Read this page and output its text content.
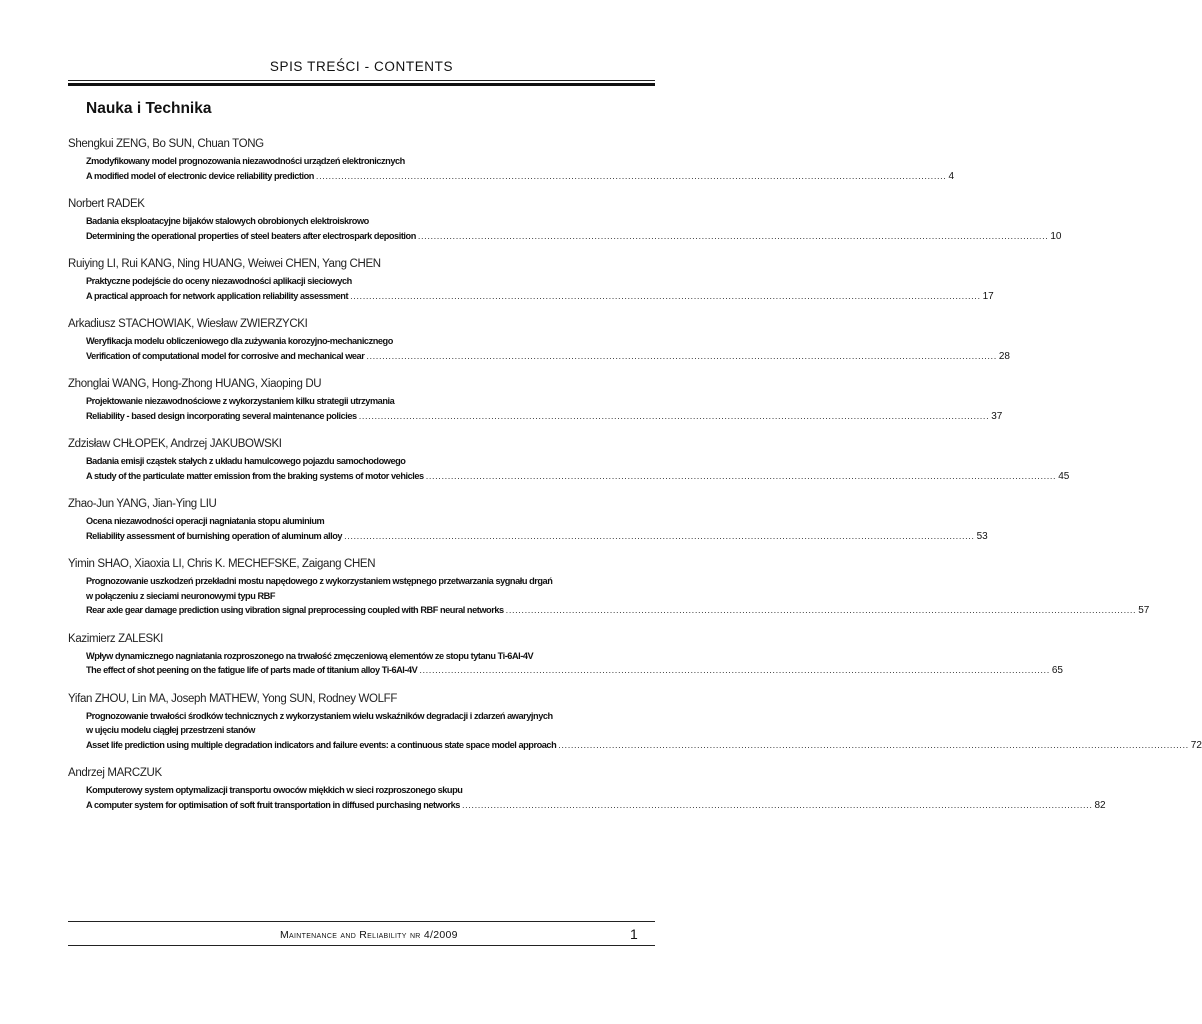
SPIS TREŚCI - CONTENTS
Nauka i Technika
Shengkui ZENG, Bo SUN, Chuan TONG
Zmodyfikowany model prognozowania niezawodności urządzeń elektronicznych
A modified model of electronic device reliability prediction ........................................................................................................................................................................................................ 4
Norbert RADEK
Badania eksploatacyjne bijaków stalowych obrobionych elektroiskrowo
Determining the operational properties of steel beaters after electrospark deposition ........................................................................................................................................................................................................ 10
Ruiying LI, Rui KANG, Ning HUANG, Weiwei CHEN, Yang CHEN
Praktyczne podejście do oceny niezawodności aplikacji sieciowych
A practical approach for network application reliability assessment ........................................................................................................................................................................................................ 17
Arkadiusz STACHOWIAK, Wiesław ZWIERZYCKI
Weryfikacja modelu obliczeniowego dla zużywania korozyjno-mechanicznego
Verification of computational model for corrosive and mechanical wear ........................................................................................................................................................................................................ 28
Zhonglai WANG, Hong-Zhong HUANG, Xiaoping DU
Projektowanie niezawodnościowe z wykorzystaniem kilku strategii utrzymania
Reliability - based design incorporating several maintenance policies ........................................................................................................................................................................................................ 37
Zdzisław CHŁOPEK, Andrzej JAKUBOWSKI
Badania emisji cząstek stałych z układu hamulcowego pojazdu samochodowego
A study of the particulate matter emission from the braking systems of motor vehicles ........................................................................................................................................................................................................ 45
Zhao-Jun YANG, Jian-Ying LIU
Ocena niezawodności operacji nagniatania stopu aluminium
Reliability assessment of burnishing operation of aluminum alloy ........................................................................................................................................................................................................ 53
Yimin SHAO, Xiaoxia LI, Chris K. MECHEFSKE, Zaigang CHEN
Prognozowanie uszkodzeń przekładni mostu napędowego z wykorzystaniem wstępnego przetwarzania sygnału drgań
w połączeniu z sieciami neuronowymi typu RBF
Rear axle gear damage prediction using vibration signal preprocessing coupled with RBF neural networks ........................................................................................................................................................................................................ 57
Kazimierz ZALESKI
Wpływ dynamicznego nagniatania rozproszonego na trwałość zmęczeniową elementów ze stopu tytanu Ti-6Al-4V
The effect of shot peening on the fatigue life of parts made of titanium alloy Ti-6Al-4V ........................................................................................................................................................................................................ 65
Yifan ZHOU, Lin MA, Joseph MATHEW, Yong SUN, Rodney WOLFF
Prognozowanie trwałości środków technicznych z wykorzystaniem wielu wskaźników degradacji i zdarzeń awaryjnych
w ujęciu modelu ciągłej przestrzeni stanów
Asset life prediction using multiple degradation indicators and failure events: a continuous state space model approach ........................................................................................................................................................................................................ 72
Andrzej MARCZUK
Komputerowy system optymalizacji transportu owoców miękkich w sieci rozproszonego skupu
A computer system for optimisation of soft fruit transportation in diffused purchasing networks ........................................................................................................................................................................................................ 82
Maintenance and Reliability nr 4/2009	1
